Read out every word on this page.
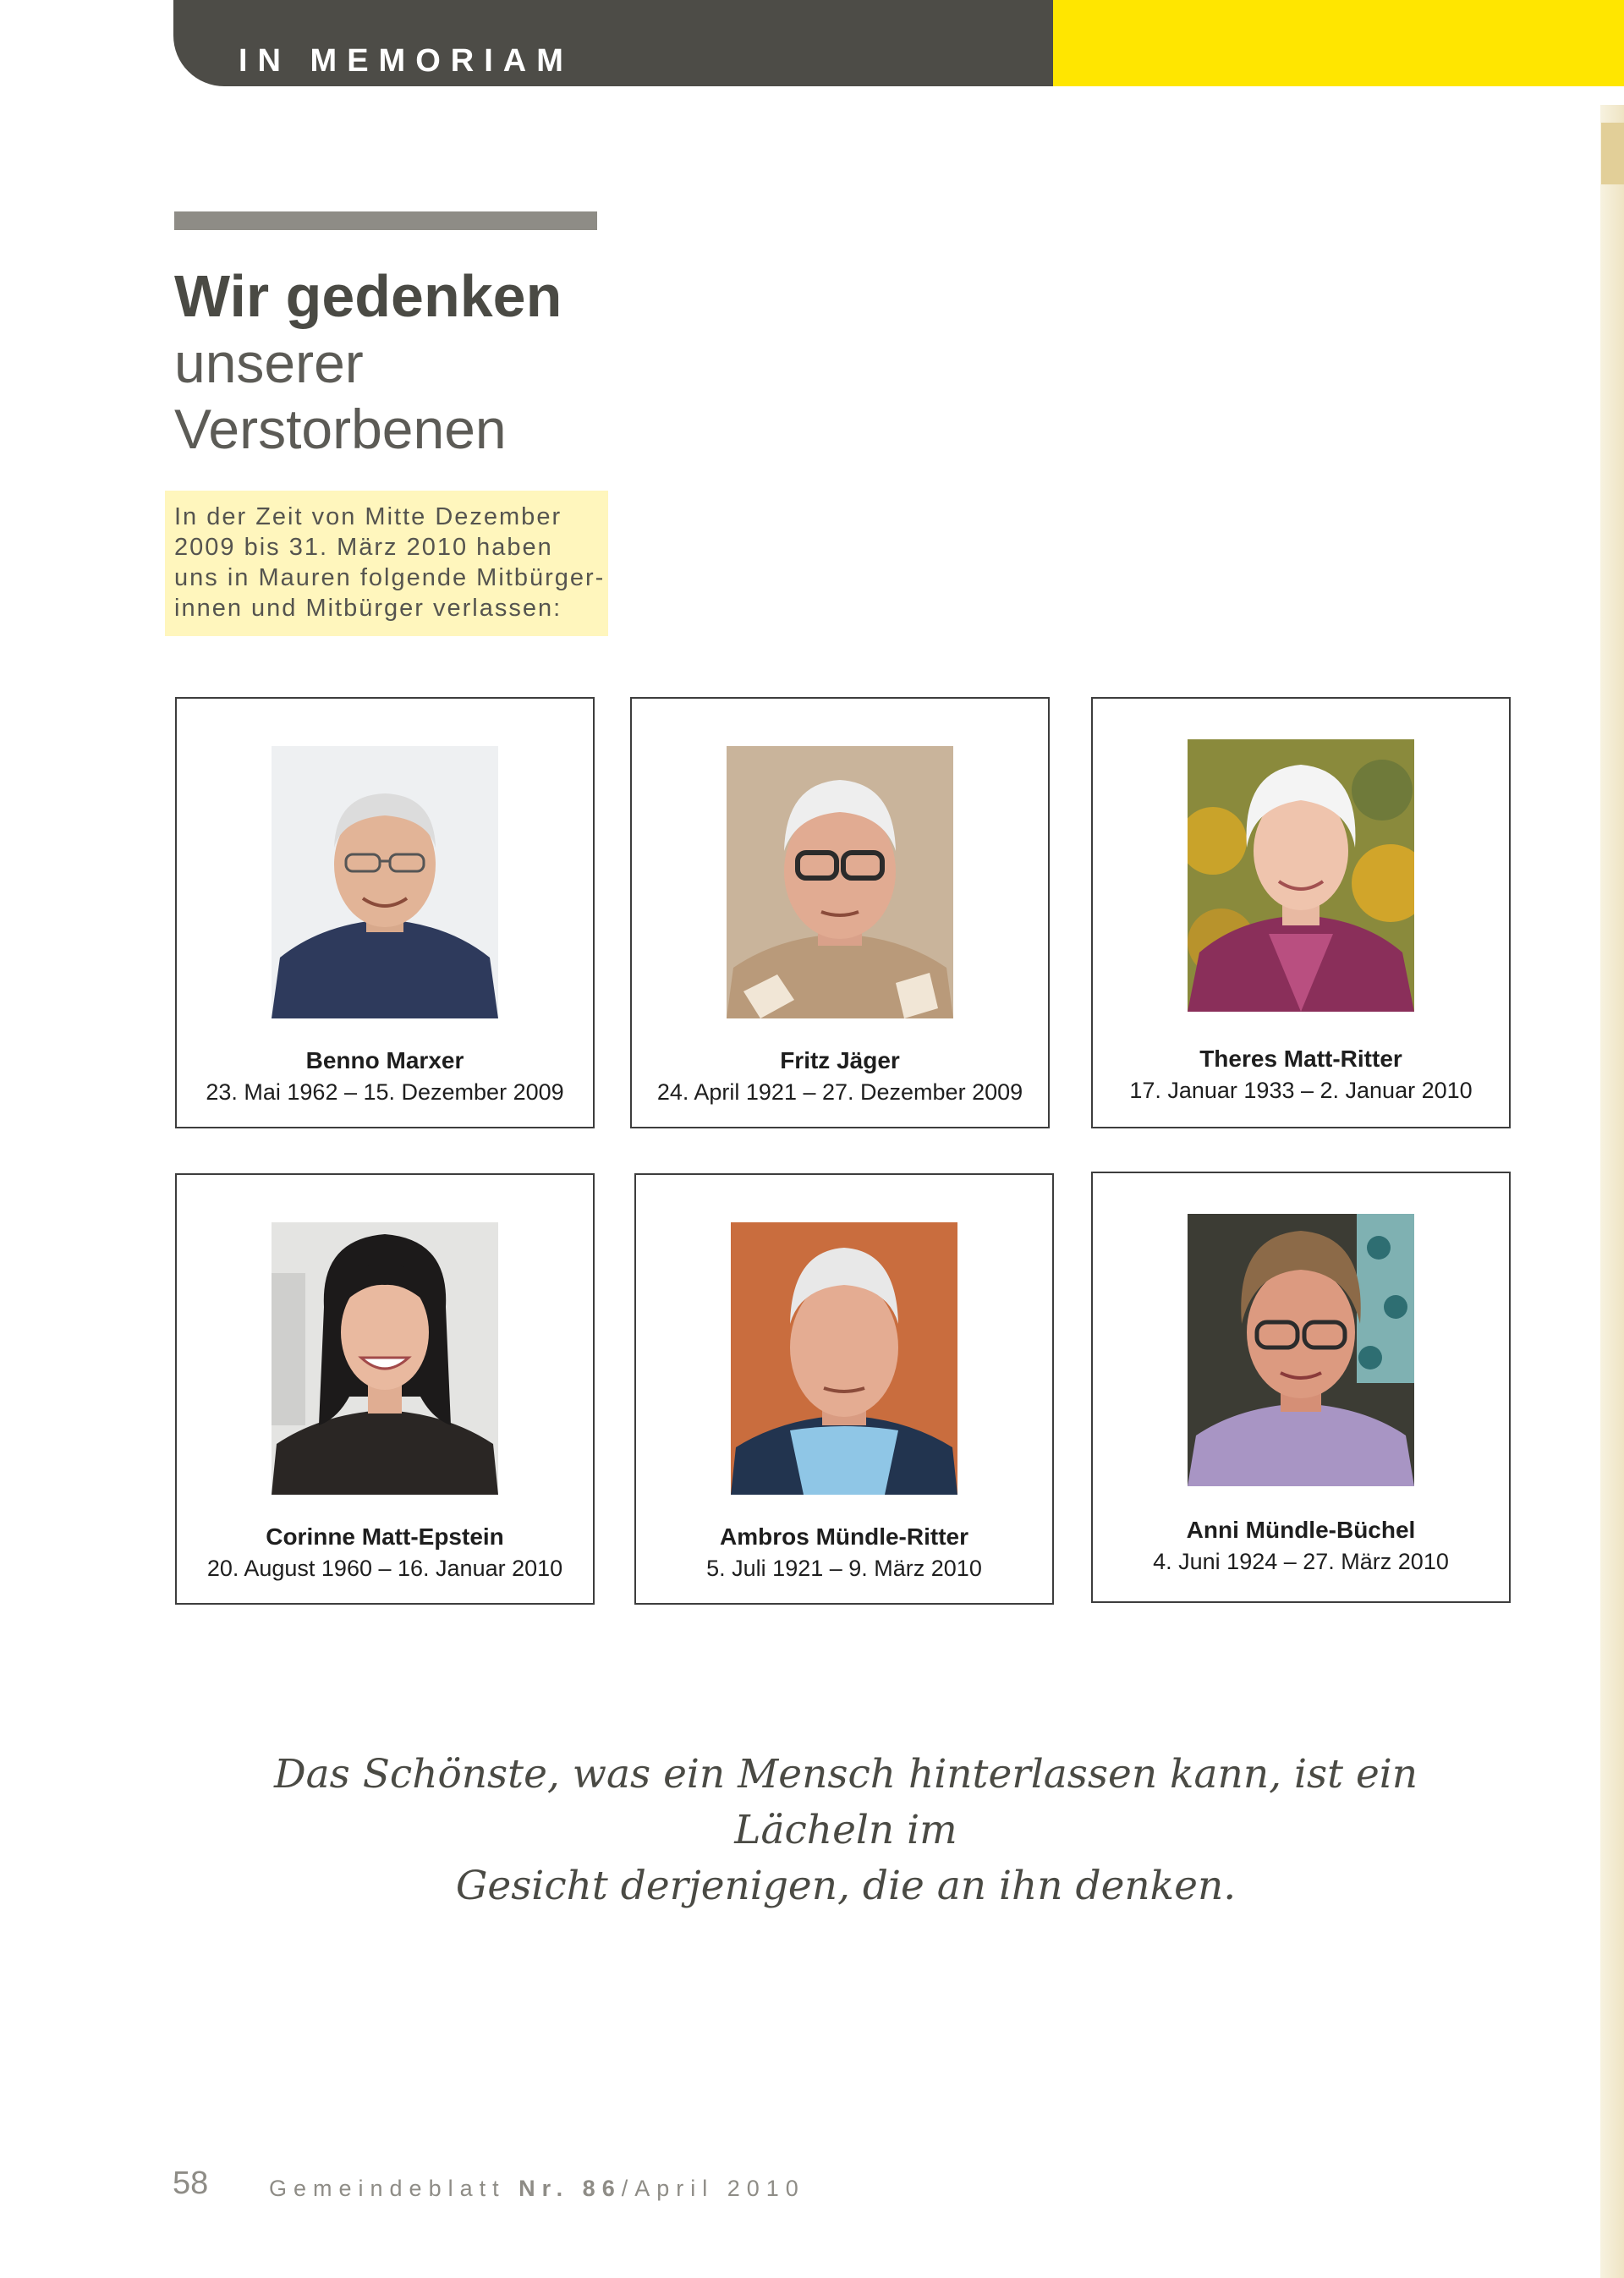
IN MEMORIAM
Wir gedenken
unserer
Verstorbenen
In der Zeit von Mitte Dezember
2009 bis 31. März 2010 haben
uns in Mauren folgende Mitbürger-
innen und Mitbürger verlassen:
Benno Marxer
23. Mai 1962 – 15. Dezember 2009
Fritz Jäger
24. April 1921 – 27. Dezember 2009
Theres Matt-Ritter
17. Januar 1933 – 2. Januar 2010
Corinne Matt-Epstein
20. August 1960 – 16. Januar 2010
Ambros Mündle-Ritter
5. Juli 1921 – 9. März 2010
Anni Mündle-Büchel
4. Juni 1924 – 27. März 2010
Das Schönste, was ein Mensch hinterlassen kann, ist ein Lächeln im
Gesicht derjenigen, die an ihn denken.
58	Gemeindeblatt Nr. 86/April 2010
